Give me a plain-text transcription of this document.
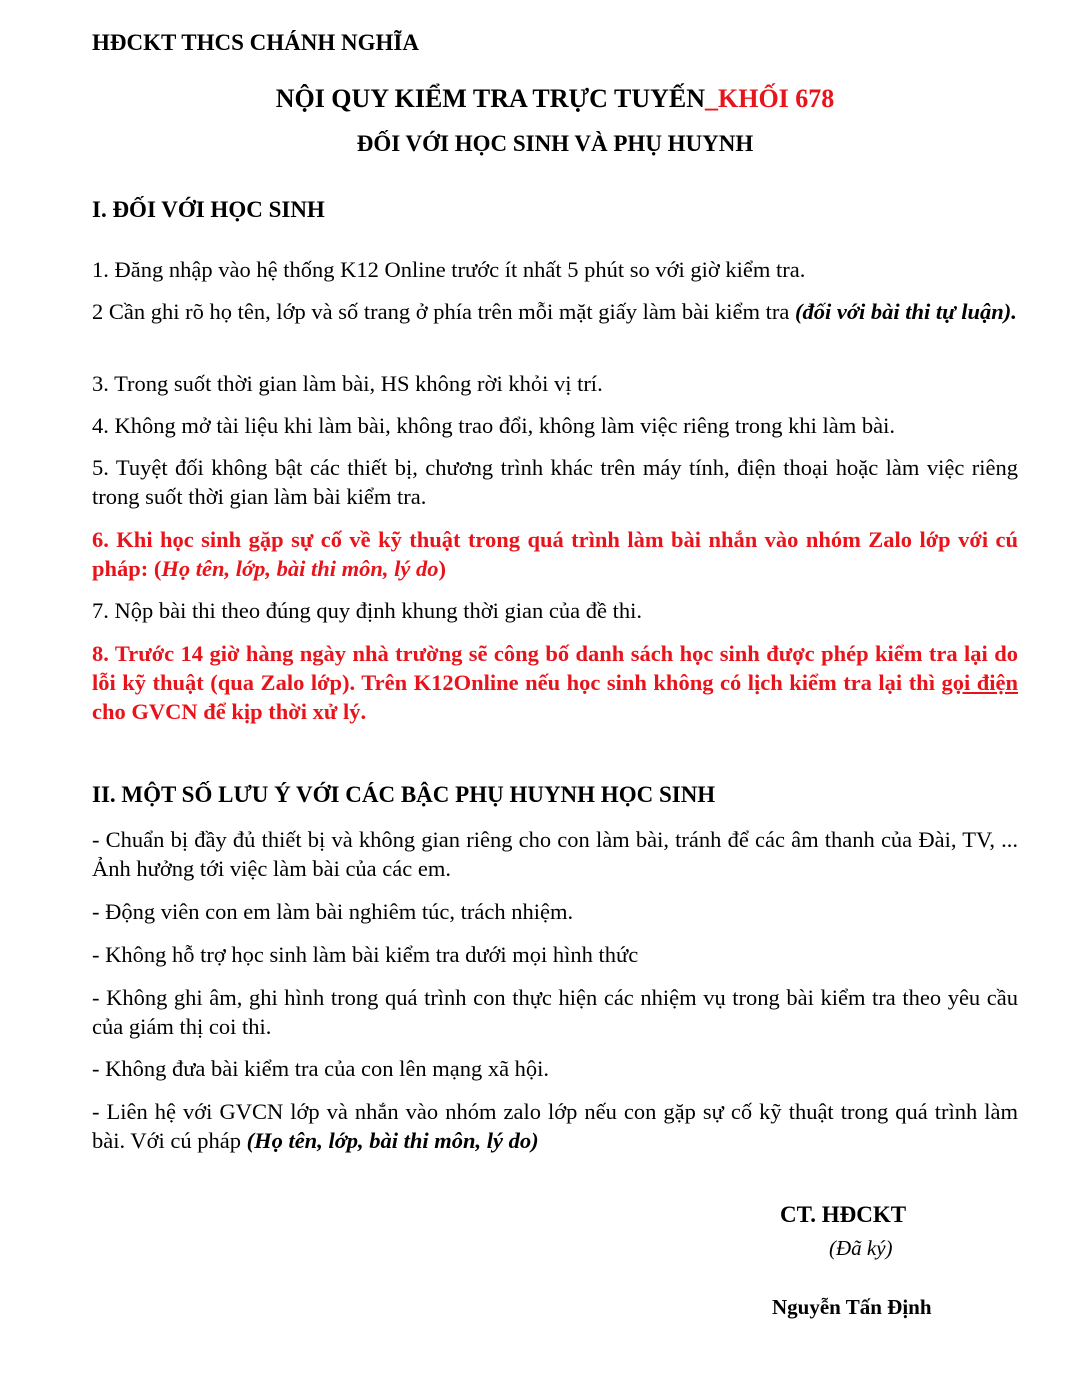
HĐCKT THCS CHÁNH NGHĨA

NỘI QUY KIỂM TRA TRỰC TUYẾN_KHỐI 678

ĐỐI VỚI HỌC SINH VÀ PHỤ HUYNH

I. ĐỐI VỚI HỌC SINH

1. Đăng nhập vào hệ thống K12 Online trước ít nhất 5 phút so với giờ kiểm tra.

2 Cần ghi rõ họ tên, lớp và số trang ở phía trên mỗi mặt giấy làm bài kiểm tra (đối với bài thi tự luận).

3. Trong suốt thời gian làm bài, HS không rời khỏi vị trí.

4. Không mở tài liệu khi làm bài, không trao đổi, không làm việc riêng trong khi làm bài.

5. Tuyệt đối không bật các thiết bị, chương trình khác trên máy tính, điện thoại hoặc làm việc riêng trong suốt thời gian làm bài kiểm tra.

6. Khi học sinh gặp sự cố về kỹ thuật trong quá trình làm bài nhắn vào nhóm Zalo lớp với cú pháp: (Họ tên, lớp, bài thi môn, lý do)

7. Nộp bài thi theo đúng quy định khung thời gian của đề thi.

8. Trước 14 giờ hàng ngày nhà trường sẽ công bố danh sách học sinh được phép kiểm tra lại do lỗi kỹ thuật (qua Zalo lớp). Trên K12Online nếu học sinh không có lịch kiểm tra lại thì gọi điện cho GVCN để kịp thời xử lý.

II. MỘT SỐ LƯU Ý VỚI CÁC BẬC PHỤ HUYNH HỌC SINH

- Chuẩn bị đầy đủ thiết bị và không gian riêng cho con làm bài, tránh để các âm thanh của Đài, TV, ... Ảnh hưởng tới việc làm bài của các em.

- Động viên con em làm bài nghiêm túc, trách nhiệm.

- Không hỗ trợ học sinh làm bài kiểm tra dưới mọi hình thức

- Không ghi âm, ghi hình trong quá trình con thực hiện các nhiệm vụ trong bài kiểm tra theo yêu cầu của giám thị coi thi.

- Không đưa bài kiểm tra của con lên mạng xã hội.

- Liên hệ với GVCN lớp và nhắn vào nhóm zalo lớp nếu con gặp sự cố kỹ thuật trong quá trình làm bài. Với cú pháp (Họ tên, lớp, bài thi môn, lý do)

CT. HĐCKT

(Đã ký)

Nguyễn Tấn Định
